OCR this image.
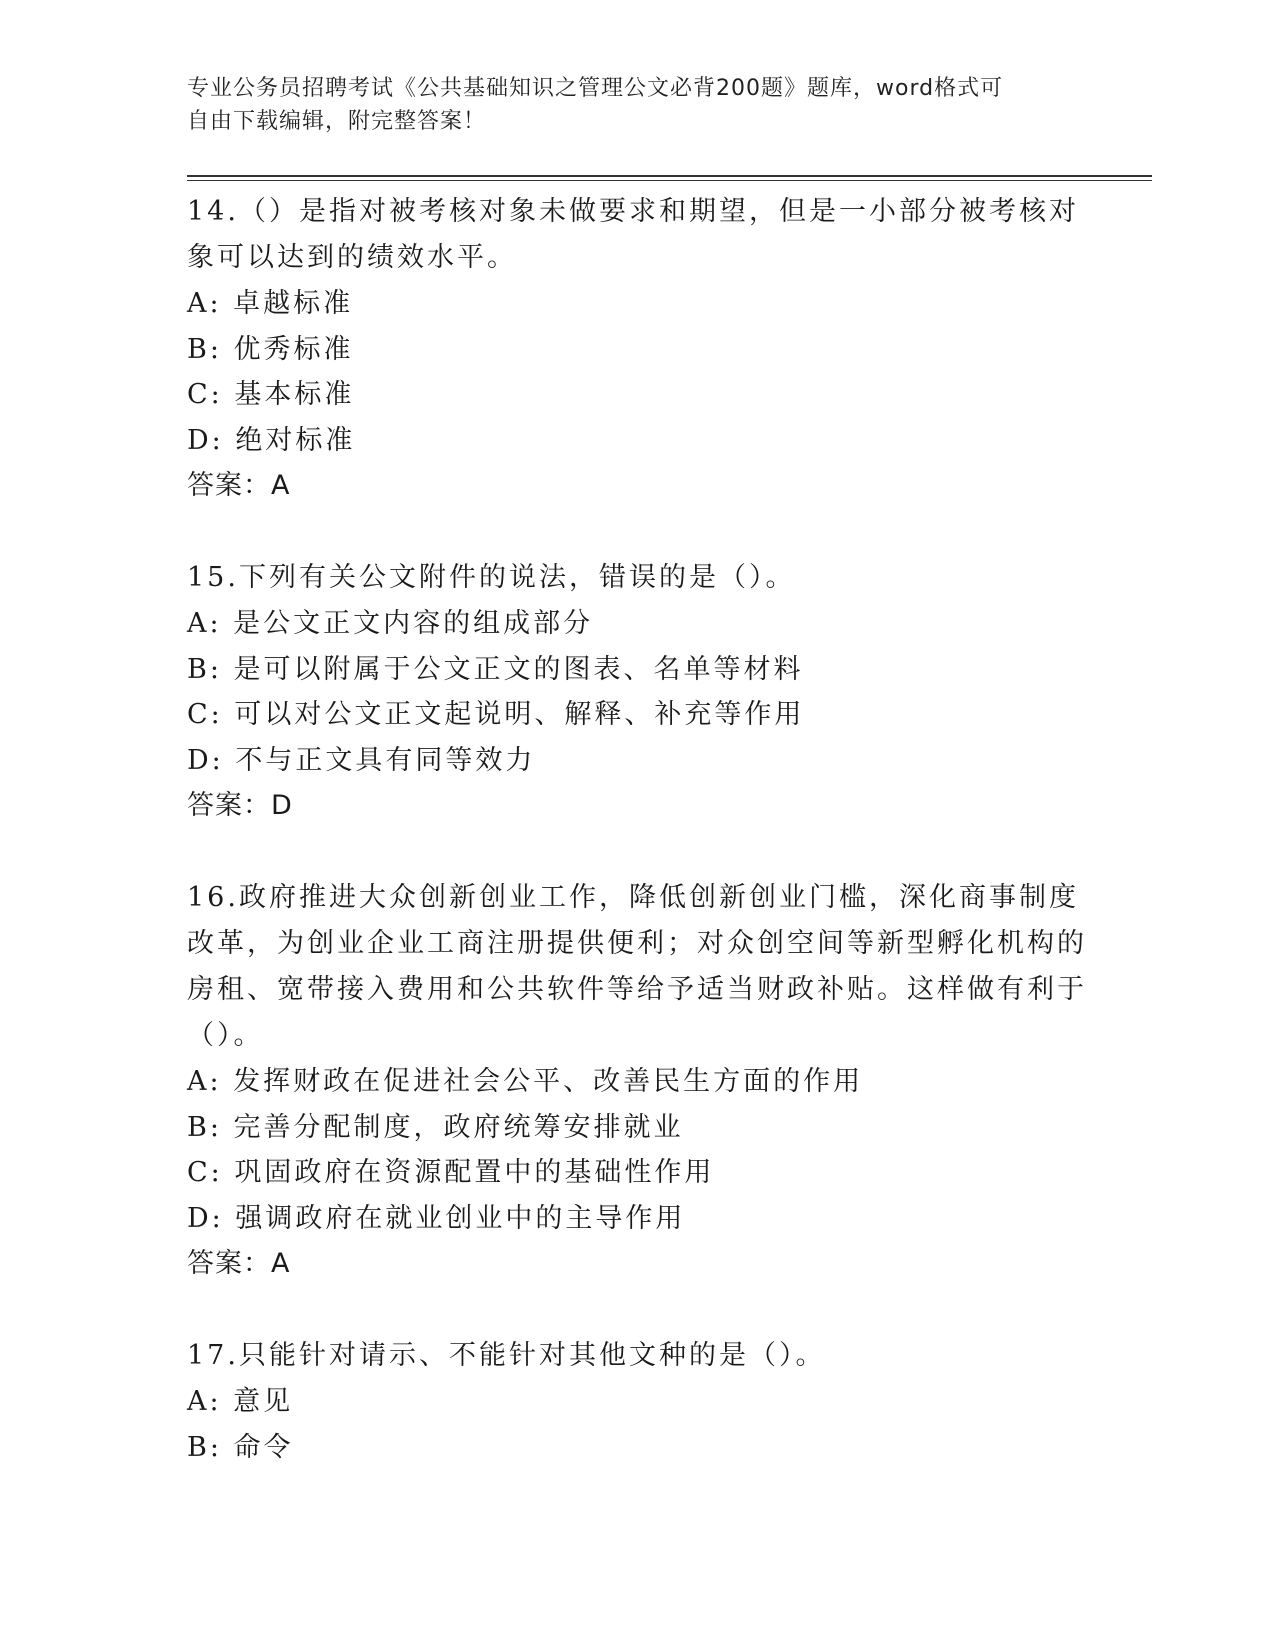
专业公务员招聘考试《公共基础知识之管理公文必背200题》题库，word格式可
自由下载编辑，附完整答案！

14.（）是指对被考核对象未做要求和期望，但是一小部分被考核对象可以达到的绩效水平。

A: 卓越标准

B: 优秀标准

C: 基本标准

D: 绝对标准

答案：A

15.下列有关公文附件的说法，错误的是（）。

A: 是公文正文内容的组成部分

B: 是可以附属于公文正文的图表、名单等材料

C: 可以对公文正文起说明、解释、补充等作用

D: 不与正文具有同等效力

答案：D

16.政府推进大众创新创业工作，降低创新创业门槛，深化商事制度改革，为创业企业工商注册提供便利；对众创空间等新型孵化机构的房租、宽带接入费用和公共软件等给予适当财政补贴。这样做有利于（）。

A: 发挥财政在促进社会公平、改善民生方面的作用

B: 完善分配制度，政府统筹安排就业

C: 巩固政府在资源配置中的基础性作用

D: 强调政府在就业创业中的主导作用

答案：A

17.只能针对请示、不能针对其他文种的是（）。

A: 意见

B: 命令
